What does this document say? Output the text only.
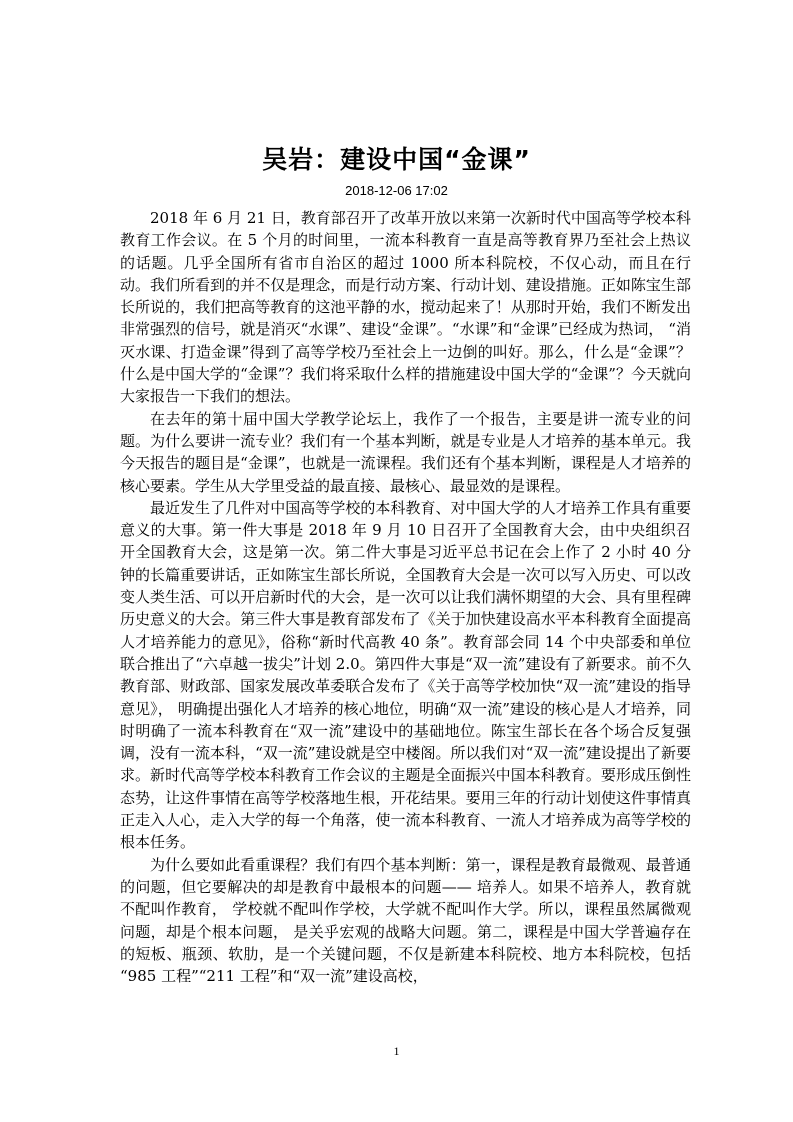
吴岩：建设中国“金课”
2018-12-06 17:02

2018 年 6 月 21 日，教育部召开了改革开放以来第一次新时代中国高等学校本科教育工作会议。在 5 个月的时间里，一流本科教育一直是高等教育界乃至社会上热议的话题。几乎全国所有省市自治区的超过 1000 所本科院校，不仅心动，而且在行动。我们所看到的并不仅是理念，而是行动方案、行动计划、建设措施。正如陈宝生部长所说的，我们把高等教育的这池平静的水，搅动起来了！从那时开始，我们不断发出非常强烈的信号，就是消灭“水课”、建设“金课”。“水课”和“金课”已经成为热词， “消灭水课、打造金课”得到了高等学校乃至社会上一边倒的叫好。那么，什么是“金课”？ 什么是中国大学的“金课”？我们将采取什么样的措施建设中国大学的“金课”？今天就向大家报告一下我们的想法。

在去年的第十届中国大学教学论坛上，我作了一个报告，主要是讲一流专业的问题。为什么要讲一流专业？我们有一个基本判断，就是专业是人才培养的基本单元。我今天报告的题目是“金课”，也就是一流课程。我们还有个基本判断，课程是人才培养的核心要素。学生从大学里受益的最直接、最核心、最显效的是课程。

最近发生了几件对中国高等学校的本科教育、对中国大学的人才培养工作具有重要意义的大事。第一件大事是 2018 年 9 月 10 日召开了全国教育大会，由中央组织召开全国教育大会，这是第一次。第二件大事是习近平总书记在会上作了 2 小时 40 分钟的长篇重要讲话，正如陈宝生部长所说，全国教育大会是一次可以写入历史、可以改变人类生活、可以开启新时代的大会，是一次可以让我们满怀期望的大会、具有里程碑历史意义的大会。第三件大事是教育部发布了《关于加快建设高水平本科教育全面提高人才培养能力的意见》，俗称“新时代高教 40 条”。教育部会同 14 个中央部委和单位联合推出了“六卓越一拔尖”计划 2.0。第四件大事是“双一流”建设有了新要求。前不久教育部、财政部、国家发展改革委联合发布了《关于高等学校加快“双一流”建设的指导意见》， 明确提出强化人才培养的核心地位，明确“双一流”建设的核心是人才培养，同时明确了一流本科教育在“双一流”建设中的基础地位。陈宝生部长在各个场合反复强调，没有一流本科，“双一流”建设就是空中楼阁。所以我们对“双一流”建设提出了新要求。新时代高等学校本科教育工作会议的主题是全面振兴中国本科教育。要形成压倒性态势，让这件事情在高等学校落地生根，开花结果。要用三年的行动计划使这件事情真正走入人心，走入大学的每一个角落，使一流本科教育、一流人才培养成为高等学校的根本任务。

为什么要如此看重课程？我们有四个基本判断：第一，课程是教育最微观、最普通的问题，但它要解决的却是教育中最根本的问题—— 培养人。如果不培养人，教育就不配叫作教育， 学校就不配叫作学校，大学就不配叫作大学。所以，课程虽然属微观问题，却是个根本问题， 是关乎宏观的战略大问题。第二，课程是中国大学普遍存在的短板、瓶颈、软肋，是一个关键问题，不仅是新建本科院校、地方本科院校，包括 “985 工程”“211 工程”和“双一流”建设高校，

1
